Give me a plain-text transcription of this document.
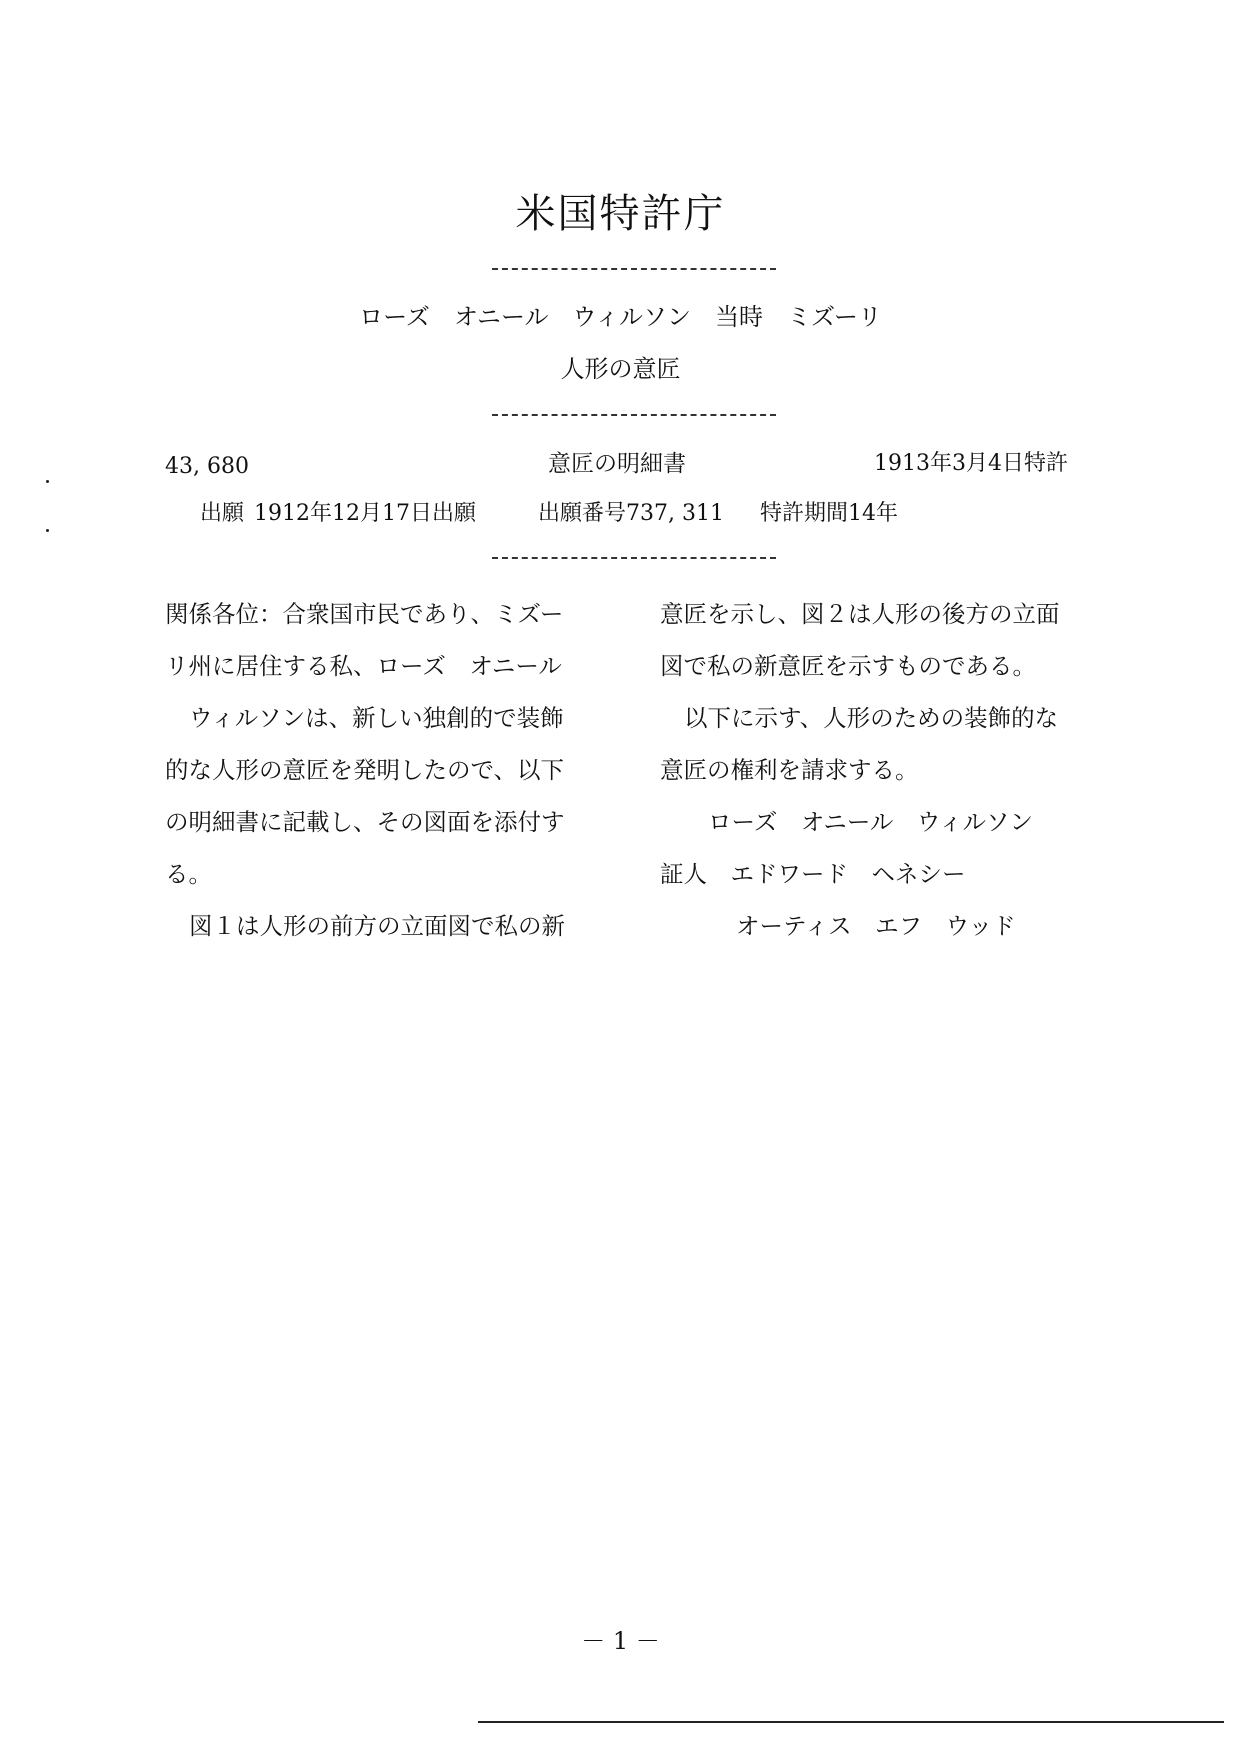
米国特許庁
ローズ オニール ウィルソン 当時 ミズーリ
人形の意匠
43, 680	意匠の明細書	1913年3月4日特許
出願 1912年12月17日出願	出願番号737, 311 特許期間14年

関係各位：合衆国市民であり、ミズー

リ州に居住する私、ローズ　オニール

ウィルソンは、新しい独創的で装飾

的な人形の意匠を発明したので、以下

の明細書に記載し、その図面を添付す

る。

図１は人形の前方の立面図で私の新

意匠を示し、図２は人形の後方の立面

図で私の新意匠を示すものである。

以下に示す、人形のための装飾的な

意匠の権利を請求する。

ローズ　オニール　ウィルソン

証人　エドワード　ヘネシー

オーティス　エフ　ウッド

－ 1 －
